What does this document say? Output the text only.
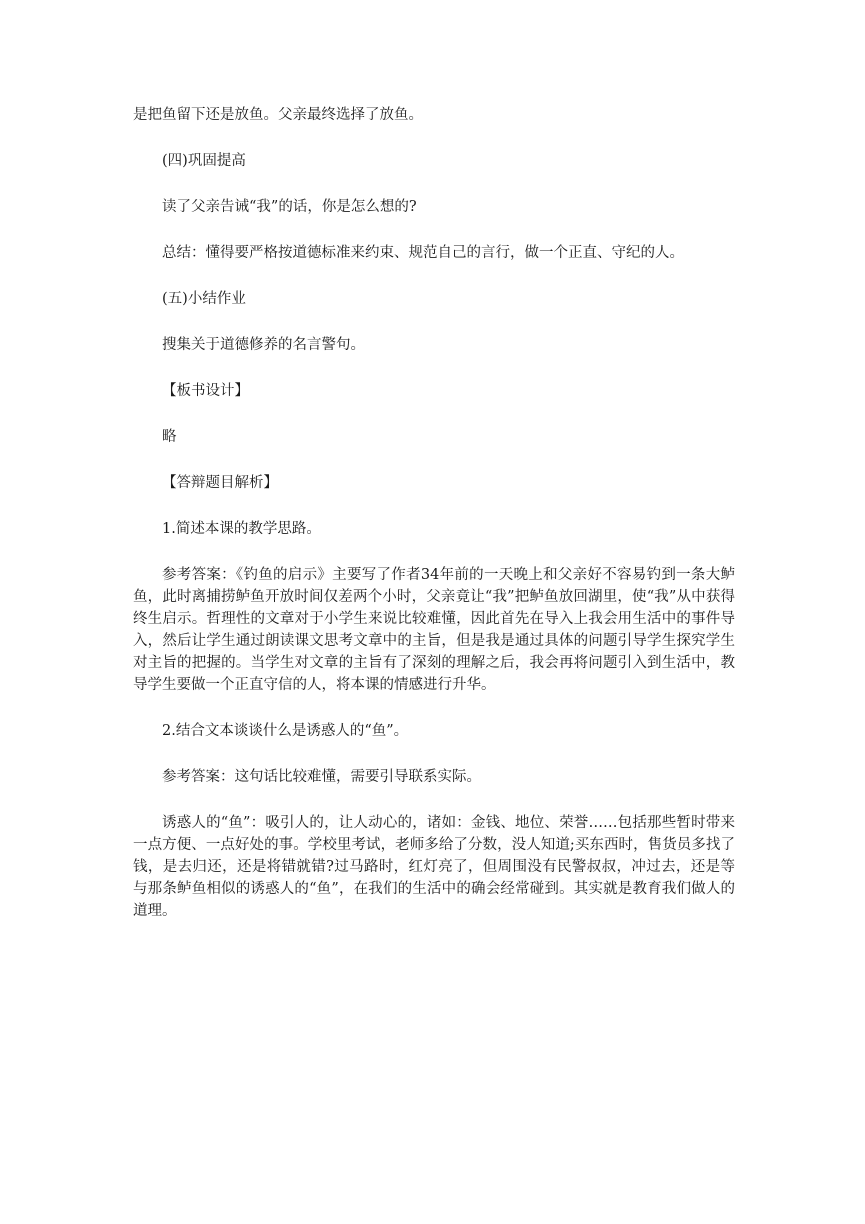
是把鱼留下还是放鱼。父亲最终选择了放鱼。

(四)巩固提高

读了父亲告诫“我”的话，你是怎么想的?

总结：懂得要严格按道德标准来约束、规范自己的言行，做一个正直、守纪的人。

(五)小结作业

搜集关于道德修养的名言警句。

【板书设计】

略

【答辩题目解析】

1.简述本课的教学思路。

参考答案：《钓鱼的启示》主要写了作者34年前的一天晚上和父亲好不容易钓到一条大鲈鱼，此时离捕捞鲈鱼开放时间仅差两个小时，父亲竟让“我”把鲈鱼放回湖里，使“我”从中获得终生启示。哲理性的文章对于小学生来说比较难懂，因此首先在导入上我会用生活中的事件导入，然后让学生通过朗读课文思考文章中的主旨，但是我是通过具体的问题引导学生探究学生对主旨的把握的。当学生对文章的主旨有了深刻的理解之后，我会再将问题引入到生活中，教导学生要做一个正直守信的人，将本课的情感进行升华。

2.结合文本谈谈什么是诱惑人的“鱼”。

参考答案：这句话比较难懂，需要引导联系实际。

诱惑人的“鱼”：吸引人的，让人动心的，诸如：金钱、地位、荣誉……包括那些暂时带来一点方便、一点好处的事。学校里考试，老师多给了分数，没人知道;买东西时，售货员多找了钱，是去归还，还是将错就错?过马路时，红灯亮了，但周围没有民警叔叔，冲过去，还是等与那条鲈鱼相似的诱惑人的“鱼”，在我们的生活中的确会经常碰到。其实就是教育我们做人的道理。
